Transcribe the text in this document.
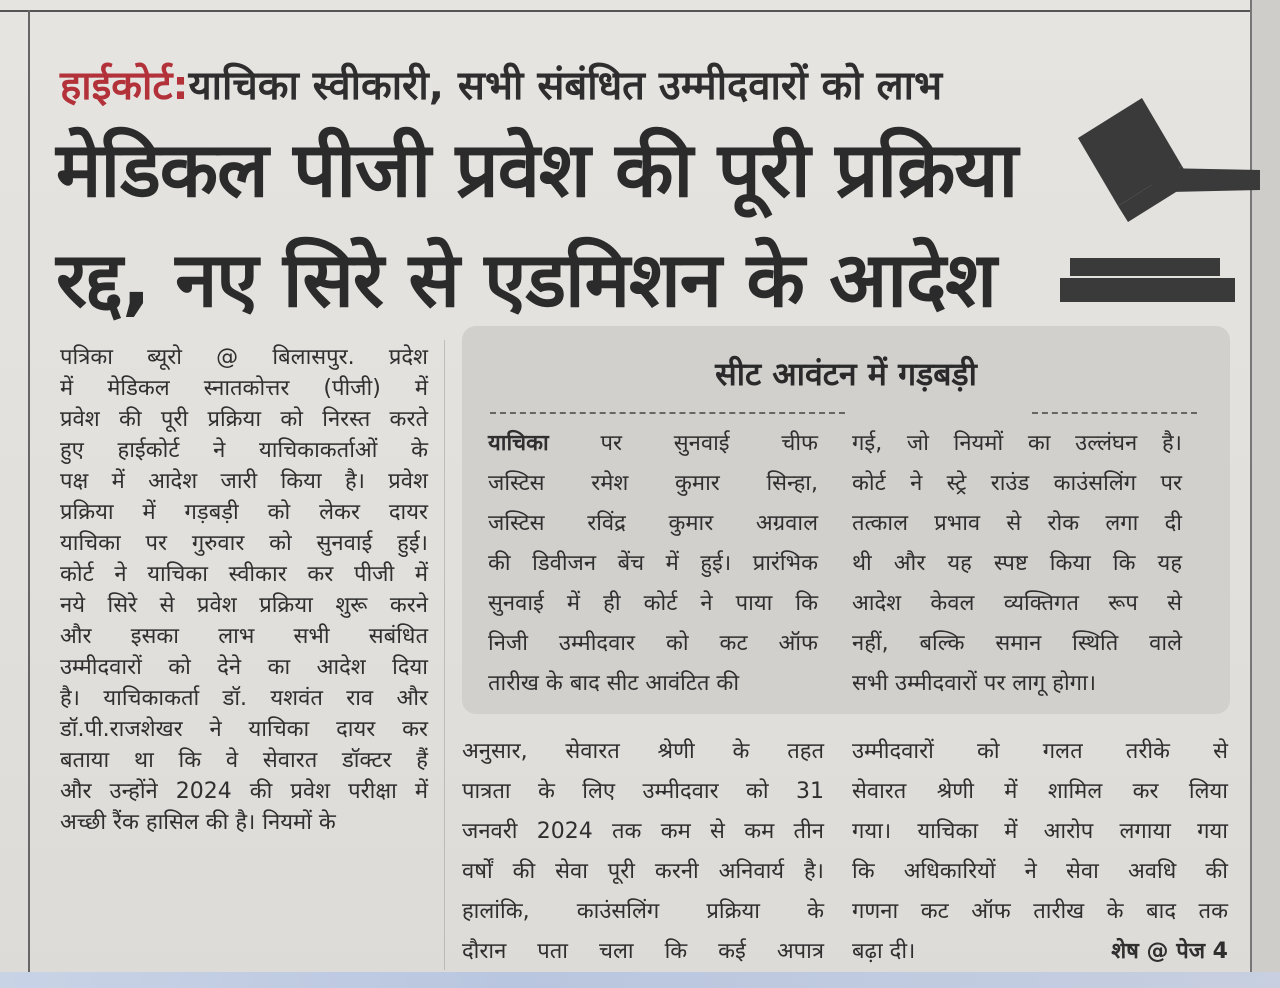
हाईकोर्ट:याचिका स्वीकारी, सभी संबंधित उम्मीदवारों को लाभ
मेडिकल पीजी प्रवेश की पूरी प्रक्रिया
रद्द, नए सिरे से एडमिशन के आदेश

पत्रिका ब्यूरो @ बिलासपुर. प्रदेश

में मेडिकल स्नातकोत्तर (पीजी) में

प्रवेश की पूरी प्रक्रिया को निरस्त करते

हुए हाईकोर्ट ने याचिकाकर्ताओं के

पक्ष में आदेश जारी किया है। प्रवेश

प्रक्रिया में गड़बड़ी को लेकर दायर

याचिका पर गुरुवार को सुनवाई हुई।

कोर्ट ने याचिका स्वीकार कर पीजी में

नये सिरे से प्रवेश प्रक्रिया शुरू करने

और इसका लाभ सभी सबंधित

उम्मीदवारों को देने का आदेश दिया

है। याचिकाकर्ता डॉ. यशवंत राव और

डॉ.पी.राजशेखर ने याचिका दायर कर

बताया था कि वे सेवारत डॉक्टर हैं

और उन्होंने 2024 की प्रवेश परीक्षा में

अच्छी रैंक हासिल की है। नियमों के

सीट आवंटन में गड़बड़ी

याचिका पर सुनवाई चीफ

जस्टिस रमेश कुमार सिन्हा,

जस्टिस रविंद्र कुमार अग्रवाल

की डिवीजन बेंच में हुई। प्रारंभिक

सुनवाई में ही कोर्ट ने पाया कि

निजी उम्मीदवार को कट ऑफ

तारीख के बाद सीट आवंटित की

गई, जो नियमों का उल्लंघन है।

कोर्ट ने स्ट्रे राउंड काउंसलिंग पर

तत्काल प्रभाव से रोक लगा दी

थी और यह स्पष्ट किया कि यह

आदेश केवल व्यक्तिगत रूप से

नहीं, बल्कि समान स्थिति वाले

सभी उम्मीदवारों पर लागू होगा।

अनुसार, सेवारत श्रेणी के तहत

पात्रता के लिए उम्मीदवार को 31

जनवरी 2024 तक कम से कम तीन

वर्षों की सेवा पूरी करनी अनिवार्य है।

हालांकि, काउंसलिंग प्रक्रिया के

दौरान पता चला कि कई अपात्र

उम्मीदवारों को गलत तरीके से

सेवारत श्रेणी में शामिल कर लिया

गया। याचिका में आरोप लगाया गया

कि अधिकारियों ने सेवा अवधि की

गणना कट ऑफ तारीख के बाद तक

बढ़ा दी।	शेष @ पेज 4
